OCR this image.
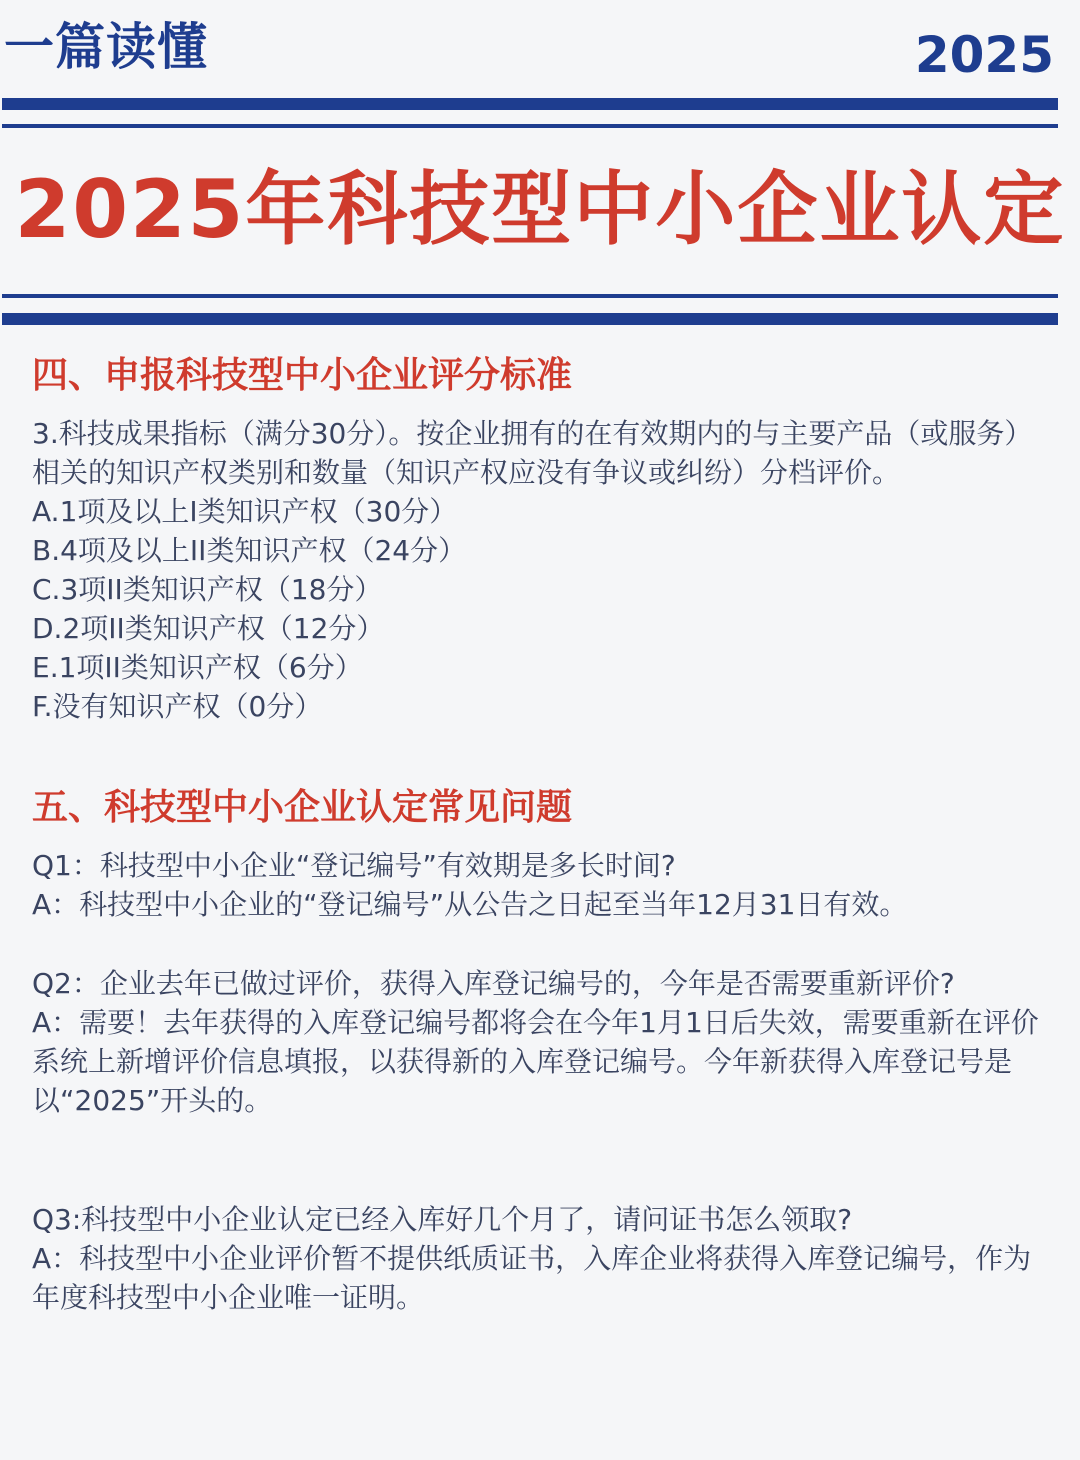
一篇读懂	2025
2025年科技型中小企业认定
四、申报科技型中小企业评分标准

3.科技成果指标（满分30分）。按企业拥有的在有效期内的与主要产品（或服务）相关的知识产权类别和数量（知识产权应没有争议或纠纷）分档评价。

A.1项及以上I类知识产权（30分）

B.4项及以上II类知识产权（24分）

C.3项II类知识产权（18分）

D.2项II类知识产权（12分）

E.1项II类知识产权（6分）

F.没有知识产权（0分）

五、科技型中小企业认定常见问题

Q1：科技型中小企业“登记编号”有效期是多长时间?

A：科技型中小企业的“登记编号”从公告之日起至当年12月31日有效。

Q2：企业去年已做过评价，获得入库登记编号的，今年是否需要重新评价?

A：需要！去年获得的入库登记编号都将会在今年1月1日后失效，需要重新在评价系统上新增评价信息填报，以获得新的入库登记编号。今年新获得入库登记号是以“2025”开头的。

Q3:科技型中小企业认定已经入库好几个月了，请问证书怎么领取?

A：科技型中小企业评价暂不提供纸质证书，入库企业将获得入库登记编号，作为年度科技型中小企业唯一证明。
